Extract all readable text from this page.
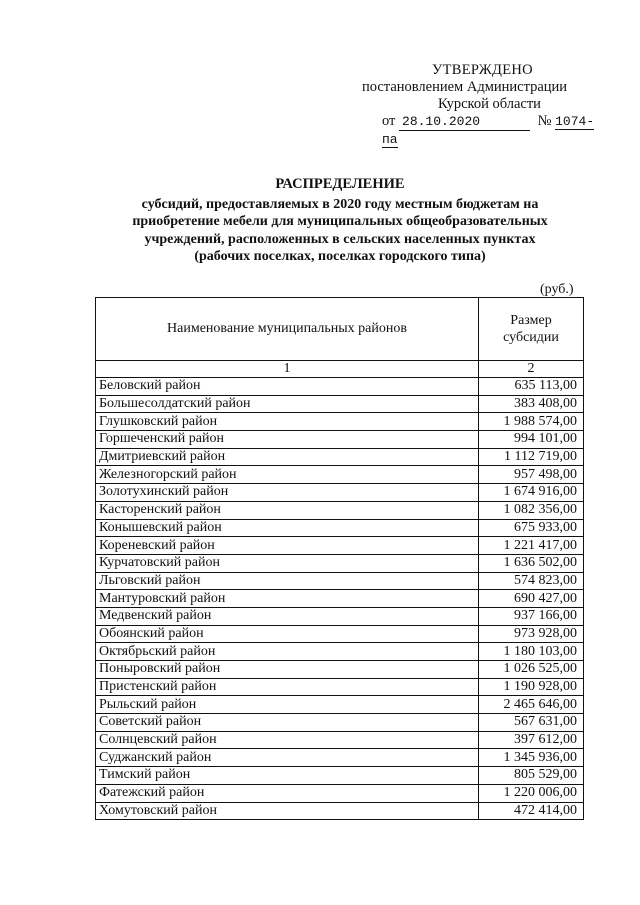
УТВЕРЖДЕНО
постановлением Администрации
Курской области
от 28.10.2020	№ 1074-па
РАСПРЕДЕЛЕНИЕ
субсидий, предоставляемых в 2020 году местным бюджетам на
приобретение мебели для муниципальных общеобразовательных
учреждений, расположенных в сельских населенных пунктах
(рабочих поселках, поселках городского типа)
(руб.)
Наименование муниципальных районов	Размер
субсидии

1	2
Беловский район	635 113,00
Большесолдатский район	383 408,00
Глушковский район	1 988 574,00
Горшеченский район	994 101,00
Дмитриевский район	1 112 719,00
Железногорский район	957 498,00
Золотухинский район	1 674 916,00
Касторенский район	1 082 356,00
Конышевский район	675 933,00
Кореневский район	1 221 417,00
Курчатовский район	1 636 502,00
Льговский район	574 823,00
Мантуровский район	690 427,00
Медвенский район	937 166,00
Обоянский район	973 928,00
Октябрьский район	1 180 103,00
Поныровский район	1 026 525,00
Пристенский район	1 190 928,00
Рыльский район	2 465 646,00
Советский район	567 631,00
Солнцевский район	397 612,00
Суджанский район	1 345 936,00
Тимский район	805 529,00
Фатежский район	1 220 006,00
Хомутовский район	472 414,00
